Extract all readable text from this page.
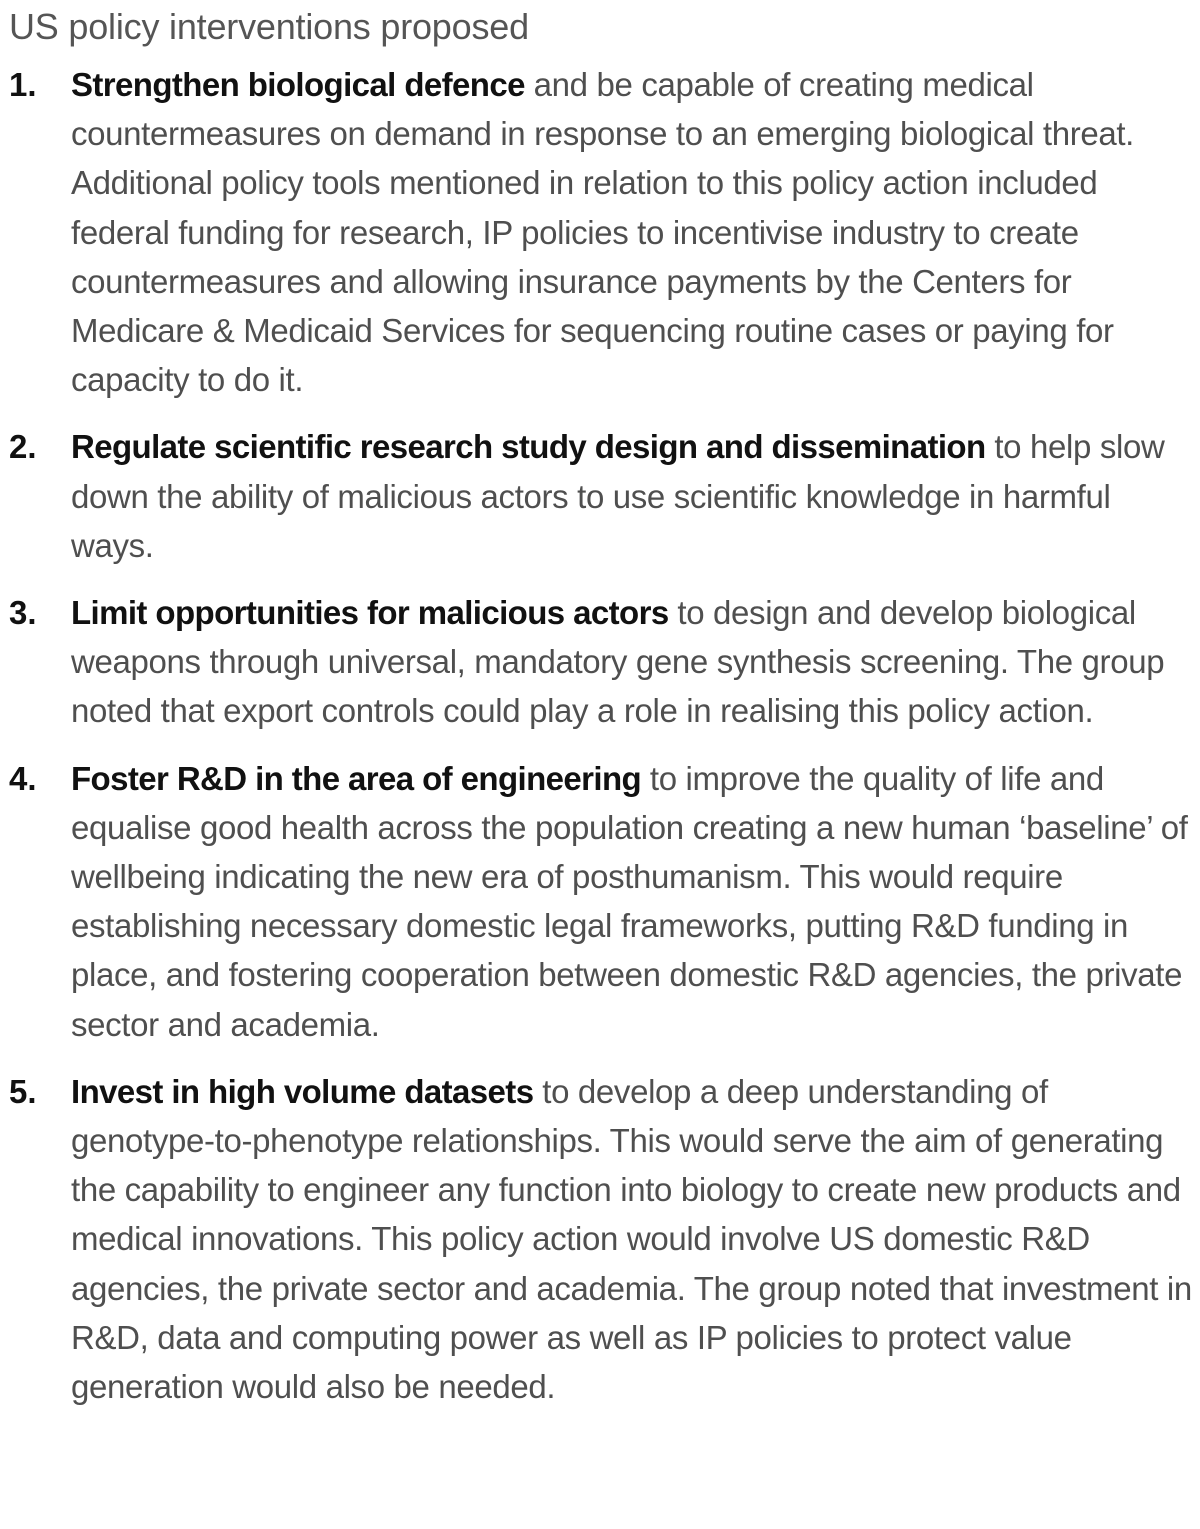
US policy interventions proposed
1. Strengthen biological defence and be capable of creating medical countermeasures on demand in response to an emerging biological threat. Additional policy tools mentioned in relation to this policy action included federal funding for research, IP policies to incentivise industry to create countermeasures and allowing insurance payments by the Centers for Medicare & Medicaid Services for sequencing routine cases or paying for capacity to do it.
2. Regulate scientific research study design and dissemination to help slow down the ability of malicious actors to use scientific knowledge in harmful ways.
3. Limit opportunities for malicious actors to design and develop biological weapons through universal, mandatory gene synthesis screening. The group noted that export controls could play a role in realising this policy action.
4. Foster R&D in the area of engineering to improve the quality of life and equalise good health across the population creating a new human ‘baseline’ of wellbeing indicating the new era of posthumanism. This would require establishing necessary domestic legal frameworks, putting R&D funding in place, and fostering cooperation between domestic R&D agencies, the private sector and academia.
5. Invest in high volume datasets to develop a deep understanding of genotype-to-phenotype relationships. This would serve the aim of generating the capability to engineer any function into biology to create new products and medical innovations. This policy action would involve US domestic R&D agencies, the private sector and academia. The group noted that investment in R&D, data and computing power as well as IP policies to protect value generation would also be needed.
